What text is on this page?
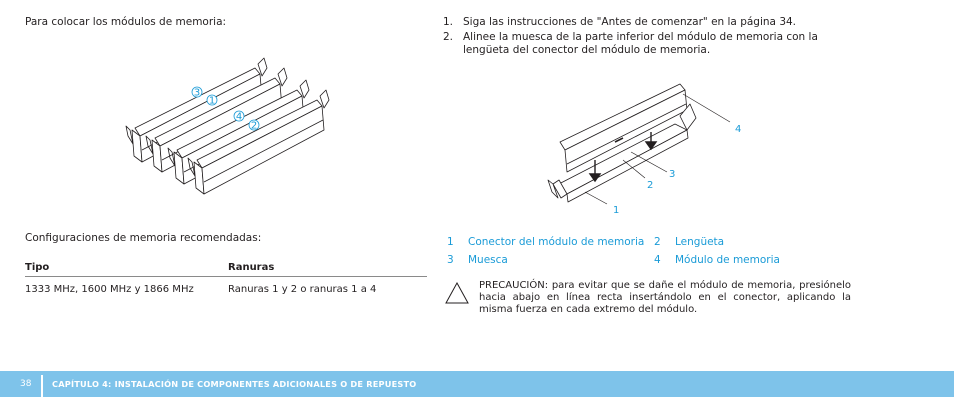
Para colocar los módulos de memoria:
3
1
4
2
Configuraciones de memoria recomendadas:
Tipo	Ranuras
1333 MHz, 1600 MHz y 1866 MHz	Ranuras 1 y 2 o ranuras 1 a 4
1. Siga las instrucciones de "Antes de comenzar" en la página 34.
2. Alinee la muesca de la parte inferior del módulo de memoria con la lengüeta del conector del módulo de memoria.
4
3
2
1
1 Conector del módulo de memoria 2 Lengüeta
3 Muesca	4 Módulo de memoria
PRECAUCIÓN: para evitar que se dañe el módulo de memoria, presiónelo hacia abajo en línea recta insertándolo en el conector, aplicando la misma fuerza en cada extremo del módulo.
38	CAPÍTULO 4: INSTALACIÓN DE COMPONENTES ADICIONALES O DE REPUESTO
